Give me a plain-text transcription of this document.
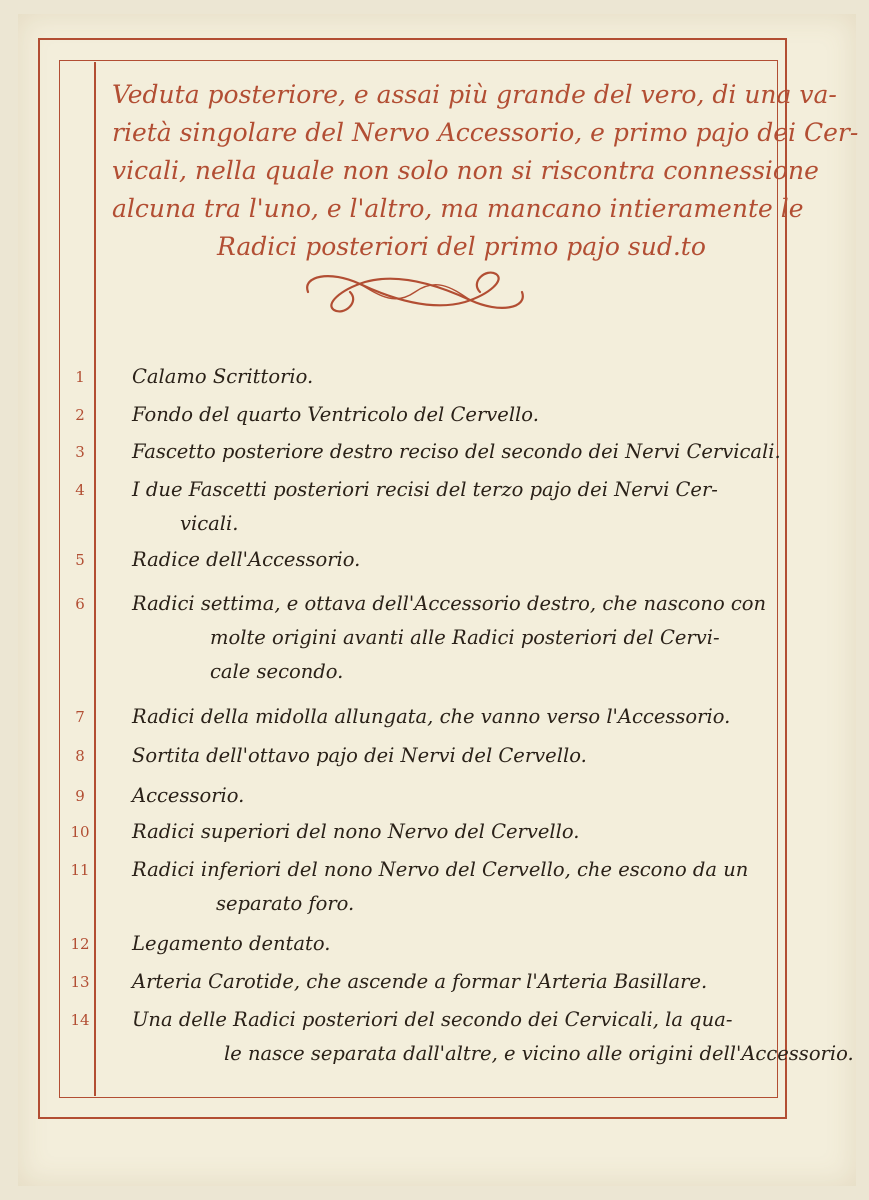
Veduta posteriore, e assai più grande del vero, di una va-
rietà singolare del Nervo Accessorio, e primo pajo dei Cer-
vicali, nella quale non solo non si riscontra connessione
alcuna tra l'uno, e l'altro, ma mancano intieramente le
Radici posteriori del primo pajo sud.to
1	Calamo Scrittorio.
2	Fondo del quarto Ventricolo del Cervello.
3	Fascetto posteriore destro reciso del secondo dei Nervi Cervicali.
4	I due Fascetti posteriori recisi del terzo pajo dei Nervi Cer-
vicali.
5	Radice dell'Accessorio.
6	Radici settima, e ottava dell'Accessorio destro, che nascono con
molte origini avanti alle Radici posteriori del Cervi-
cale secondo.
7	Radici della midolla allungata, che vanno verso l'Accessorio.
8	Sortita dell'ottavo pajo dei Nervi del Cervello.
9	Accessorio.
10	Radici superiori del nono Nervo del Cervello.
11	Radici inferiori del nono Nervo del Cervello, che escono da un
separato foro.
12	Legamento dentato.
13	Arteria Carotide, che ascende a formar l'Arteria Basillare.
14	Una delle Radici posteriori del secondo dei Cervicali, la qua-
le nasce separata dall'altre, e vicino alle origini dell'Accessorio.
